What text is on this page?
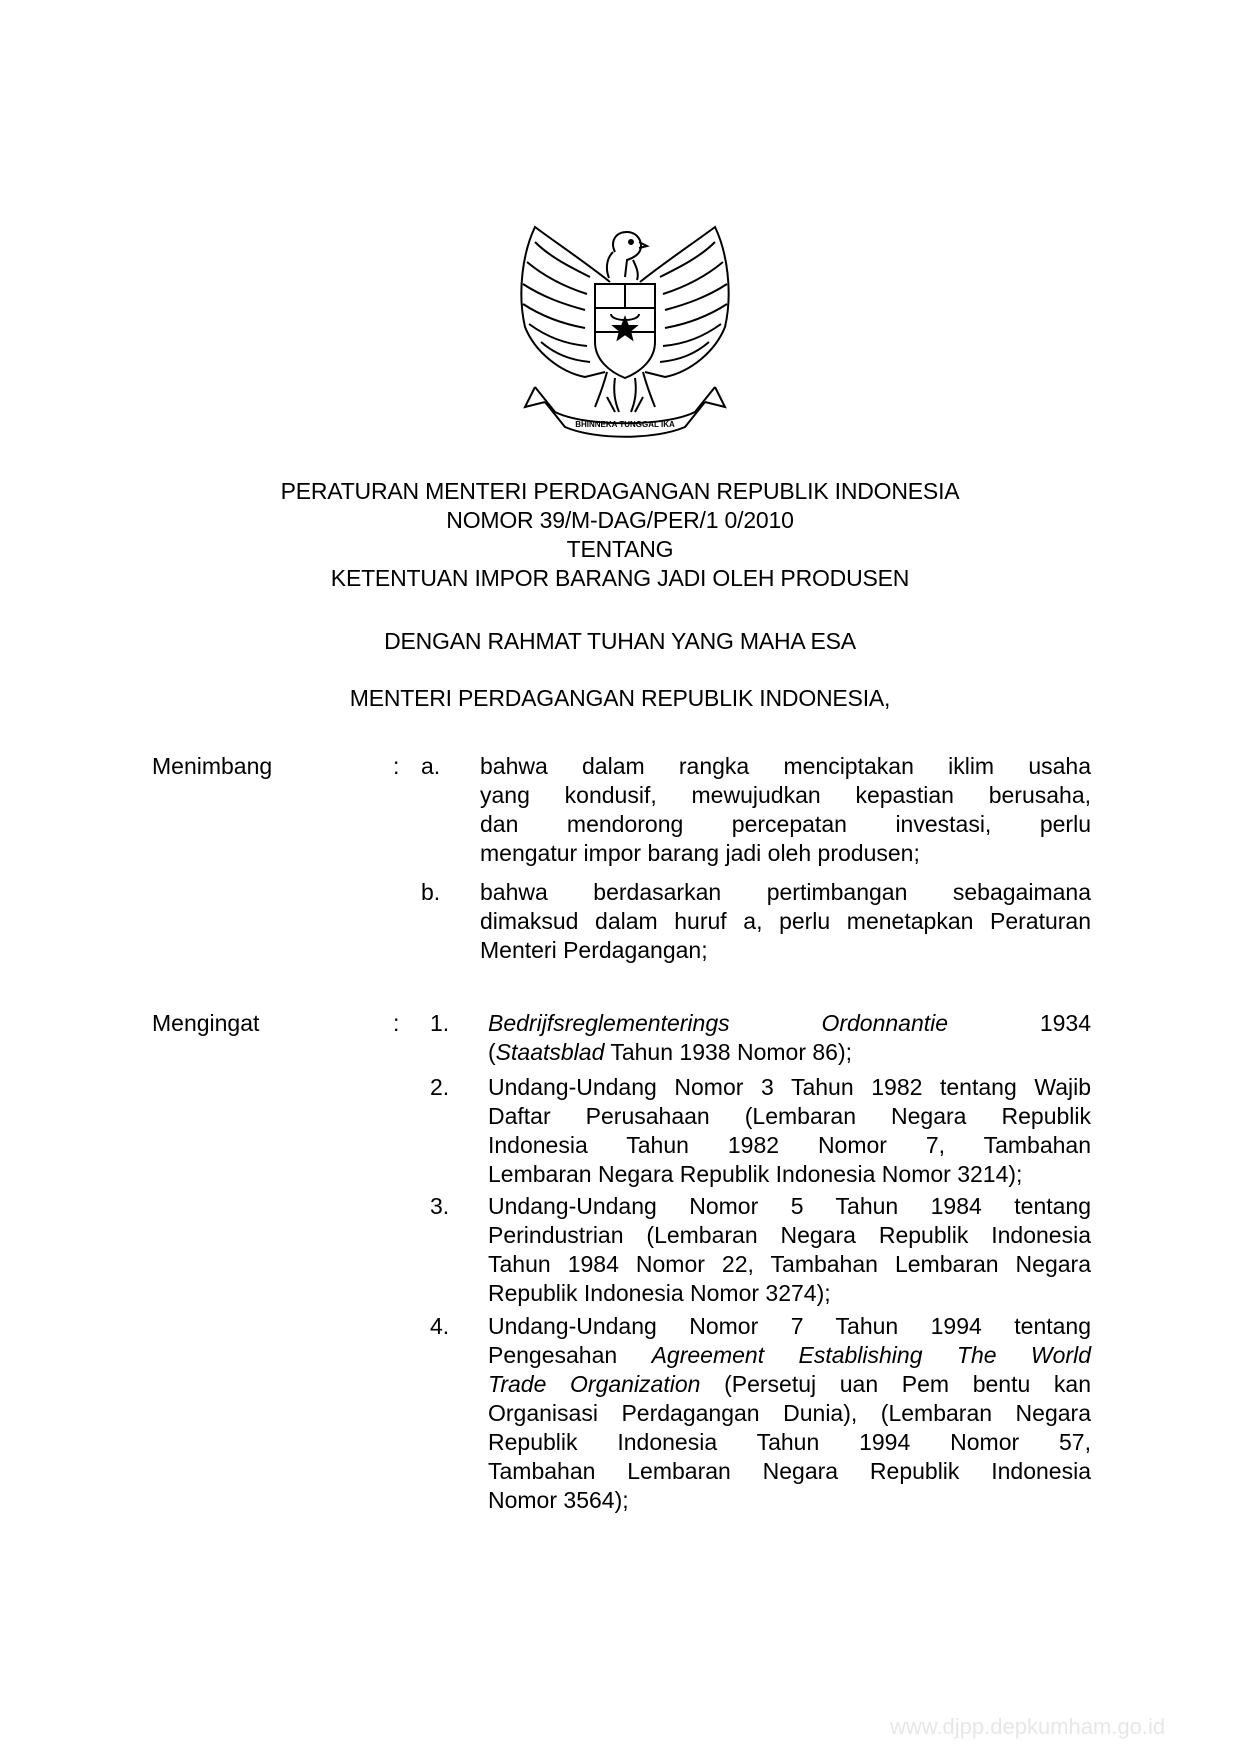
BHINNEKA TUNGGAL IKA
PERATURAN MENTERI PERDAGANGAN REPUBLIK INDONESIA
NOMOR 39/M-DAG/PER/1 0/2010
TENTANG
KETENTUAN IMPOR BARANG JADI OLEH PRODUSEN
DENGAN RAHMAT TUHAN YANG MAHA ESA
MENTERI PERDAGANGAN REPUBLIK INDONESIA,
Menimbang	: a. bahwa dalam rangka menciptakan iklim usaha
yang kondusif, mewujudkan kepastian berusaha,
dan mendorong percepatan investasi, perlu
mengatur impor barang jadi oleh produsen;
b. bahwa berdasarkan pertimbangan sebagaimana
dimaksud dalam huruf a, perlu menetapkan Peraturan
Menteri Perdagangan;
Mengingat	: 1. Bedrijfsreglementerings	Ordonnantie	1934
(Staatsblad Tahun 1938 Nomor 86);
2. Undang-Undang Nomor 3 Tahun 1982 tentang Wajib
Daftar Perusahaan (Lembaran Negara Republik
Indonesia Tahun 1982 Nomor 7, Tambahan
Lembaran Negara Republik Indonesia Nomor 3214);
3. Undang-Undang Nomor 5 Tahun 1984 tentang
Perindustrian (Lembaran Negara Republik Indonesia
Tahun 1984 Nomor 22, Tambahan Lembaran Negara
Republik Indonesia Nomor 3274);
4. Undang-Undang Nomor 7 Tahun 1994 tentang
Pengesahan Agreement Establishing The World
Trade Organization (Persetuj uan Pem bentu kan
Organisasi Perdagangan Dunia), (Lembaran Negara
Republik Indonesia Tahun 1994 Nomor 57,
Tambahan Lembaran Negara Republik Indonesia
Nomor 3564);
www.djpp.depkumham.go.id
